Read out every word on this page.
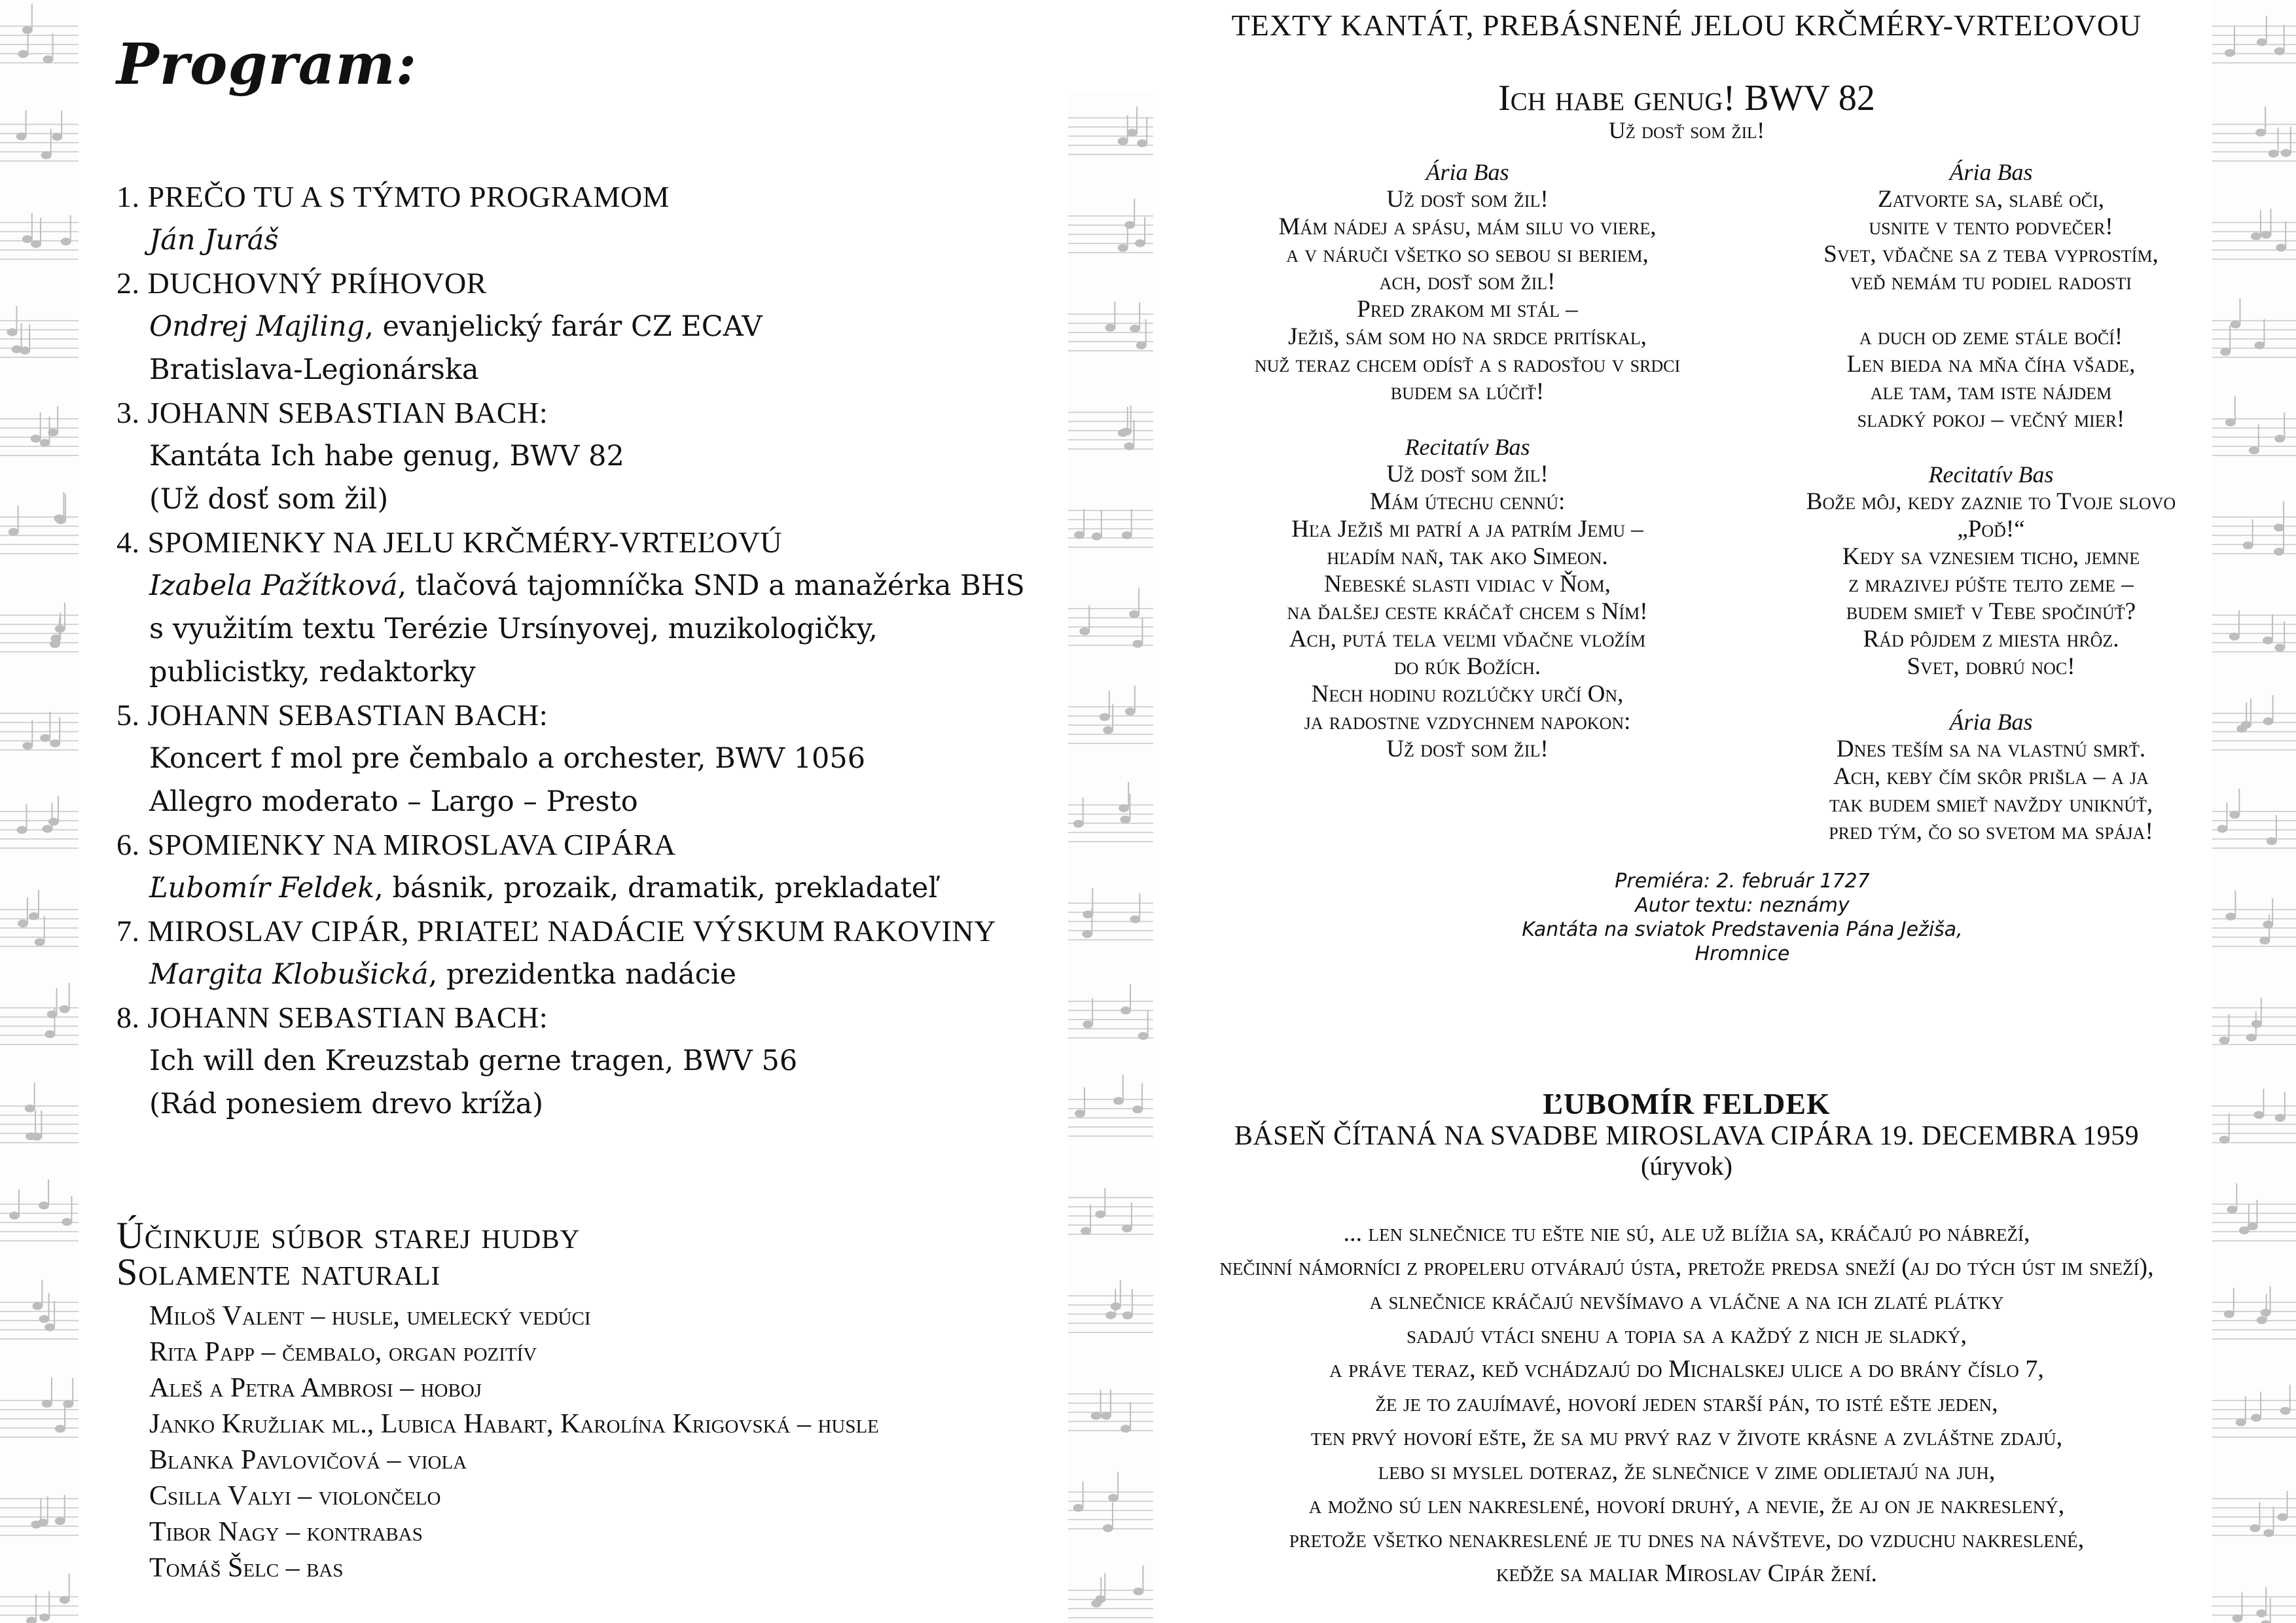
Program:
1. PREČO TU A S TÝMTO PROGRAMOM
Ján Juráš
2. DUCHOVNÝ PRÍHOVOR
Ondrej Majling, evanjelický farár CZ ECAV
Bratislava-Legionárska
3. JOHANN SEBASTIAN BACH:
Kantáta Ich habe genug, BWV 82
(Už dosť som žil)
4. SPOMIENKY NA JELU KRČMÉRY-VRTEĽOVÚ
Izabela Pažítková, tlačová tajomníčka SND a manažérka BHS
s využitím textu Terézie Ursínyovej, muzikologičky,
publicistky, redaktorky
5. JOHANN SEBASTIAN BACH:
Koncert f mol pre čembalo a orchester, BWV 1056
Allegro moderato – Largo – Presto
6. SPOMIENKY NA MIROSLAVA CIPÁRA
Ľubomír Feldek, básnik, prozaik, dramatik, prekladateľ
7. MIROSLAV CIPÁR, PRIATEĽ NADÁCIE VÝSKUM RAKOVINY
Margita Klobušická, prezidentka nadácie
8. JOHANN SEBASTIAN BACH:
Ich will den Kreuzstab gerne tragen, BWV 56
(Rád ponesiem drevo kríža)
Účinkuje súbor starej hudby
Solamente naturali
Miloš Valent – husle, umelecký vedúci
Rita Papp – čembalo, organ pozitív
Aleš a Petra Ambrosi – hoboj
Janko Kružliak ml., Lubica Habart, Karolína Krigovská – husle
Blanka Pavlovičová – viola
Csilla Valyi – violončelo
Tibor Nagy – kontrabas
Tomáš Šelc – bas
TEXTY KANTÁT, PREBÁSNENÉ JELOU KRČMÉRY-VRTEĽOVOU
Ich habe genug! BWV 82
Už dosť som žil!
Ária Bas
Už dosť som žil!
Mám nádej a spásu, mám silu vo viere,
a v náruči všetko so sebou si beriem,
ach, dosť som žil!
Pred zrakom mi stál –
Ježiš, sám som ho na srdce pritískal,
nuž teraz chcem odísť a s radosťou v srdci
budem sa lúčiť!
Recitatív Bas
Už dosť som žil!
Mám útechu cennú:
Hľa Ježiš mi patrí a ja patrím Jemu –
hľadím naň, tak ako Simeon.
Nebeské slasti vidiac v Ňom,
na ďalšej ceste kráčať chcem s Ním!
Ach, putá tela veľmi vďačne vložím
do rúk Božích.
Nech hodinu rozlúčky určí On,
ja radostne vzdychnem napokon:
Už dosť som žil!
Ária Bas
Zatvorte sa, slabé oči,
usnite v tento podvečer!
Svet, vďačne sa z teba vyprostím,
veď nemám tu podiel radosti
a duch od zeme stále bočí!
Len bieda na mňa číha všade,
ale tam, tam iste nájdem
sladký pokoj – večný mier!
Recitatív Bas
Bože môj, kedy zaznie to Tvoje slovo
„Poď!“
Kedy sa vznesiem ticho, jemne
z mrazivej púšte tejto zeme –
budem smieť v Tebe spočinúť?
Rád pôjdem z miesta hrôz.
Svet, dobrú noc!
Ária Bas
Dnes teším sa na vlastnú smrť.
Ach, keby čím skôr prišla – a ja
tak budem smieť navždy uniknúť,
pred tým, čo so svetom ma spája!
Premiéra: 2. február 1727
Autor textu: neznámy
Kantáta na sviatok Predstavenia Pána Ježiša,
Hromnice
ĽUBOMÍR FELDEK
BÁSEŇ ČÍTANÁ NA SVADBE MIROSLAVA CIPÁRA 19. DECEMBRA 1959
(úryvok)
... len slnečnice tu ešte nie sú, ale už blížia sa, kráčajú po nábreží,
nečinní námorníci z propeleru otvárajú ústa, pretože predsa sneží (aj do tých úst im sneží),
a slnečnice kráčajú nevšímavo a vláčne a na ich zlaté plátky
sadajú vtáci snehu a topia sa a každý z nich je sladký,
a práve teraz, keď vchádzajú do Michalskej ulice a do brány číslo 7,
že je to zaujímavé, hovorí jeden starší pán, to isté ešte jeden,
ten prvý hovorí ešte, že sa mu prvý raz v živote krásne a zvláštne zdajú,
lebo si myslel doteraz, že slnečnice v zime odlietajú na juh,
a možno sú len nakreslené, hovorí druhý, a nevie, že aj on je nakreslený,
pretože všetko nenakreslené je tu dnes na návšteve, do vzduchu nakreslené,
keďže sa maliar Miroslav Cipár žení.
